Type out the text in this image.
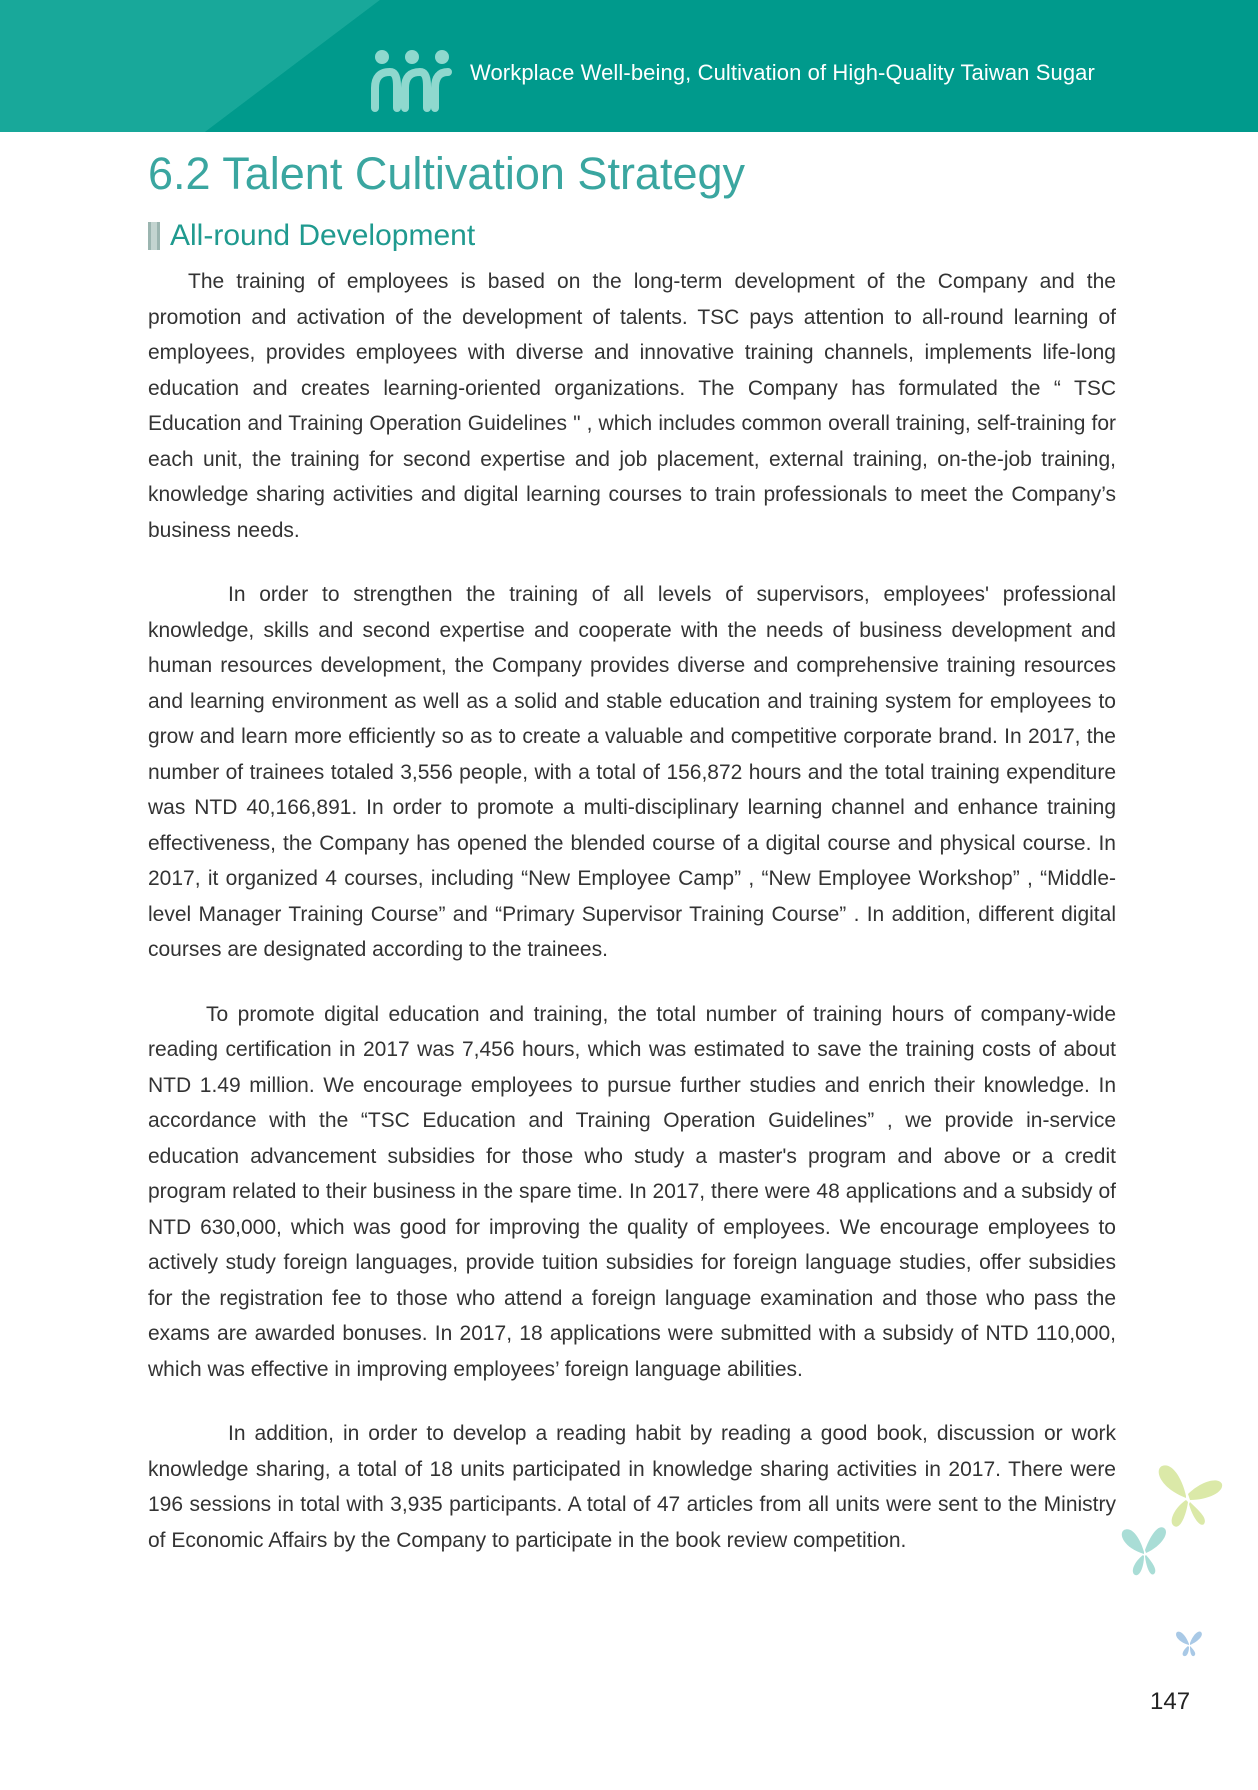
Workplace Well-being, Cultivation of High-Quality Taiwan Sugar
6.2 Talent Cultivation Strategy
All-round Development

The training of employees is based on the long-term development of the Company and the promotion and activation of the development of talents. TSC pays attention to all-round learning of employees, provides employees with diverse and innovative training channels, implements life-long education and creates learning-oriented organizations. The Company has formulated the “ TSC Education and Training Operation Guidelines " , which includes common overall training, self-training for each unit, the training for second expertise and job placement, external training, on-the-job training, knowledge sharing activities and digital learning courses to train professionals to meet the Company’s business needs.

In order to strengthen the training of all levels of supervisors, employees' professional knowledge, skills and second expertise and cooperate with the needs of business development and human resources development, the Company provides diverse and comprehensive training resources and learning environment as well as a solid and stable education and training system for employees to grow and learn more efficiently so as to create a valuable and competitive corporate brand. In 2017, the number of trainees totaled 3,556 people, with a total of 156,872 hours and the total training expenditure was NTD 40,166,891. In order to promote a multi-disciplinary learning channel and enhance training effectiveness, the Company has opened the blended course of a digital course and physical course. In 2017, it organized 4 courses, including “New Employee Camp” , “New Employee Workshop” , “Middle-level Manager Training Course” and “Primary Supervisor Training Course” . In addition, different digital courses are designated according to the trainees.

To promote digital education and training, the total number of training hours of company-wide reading certification in 2017 was 7,456 hours, which was estimated to save the training costs of about NTD 1.49 million. We encourage employees to pursue further studies and enrich their knowledge. In accordance with the “TSC Education and Training Operation Guidelines” , we provide in-service education advancement subsidies for those who study a master's program and above or a credit program related to their business in the spare time. In 2017, there were 48 applications and a subsidy of NTD 630,000, which was good for improving the quality of employees. We encourage employees to actively study foreign languages, provide tuition subsidies for foreign language studies, offer subsidies for the registration fee to those who attend a foreign language examination and those who pass the exams are awarded bonuses. In 2017, 18 applications were submitted with a subsidy of NTD 110,000, which was effective in improving employees’ foreign language abilities.

In addition, in order to develop a reading habit by reading a good book, discussion or work knowledge sharing, a total of 18 units participated in knowledge sharing activities in 2017. There were 196 sessions in total with 3,935 participants. A total of 47 articles from all units were sent to the Ministry of Economic Affairs by the Company to participate in the book review competition.

147
